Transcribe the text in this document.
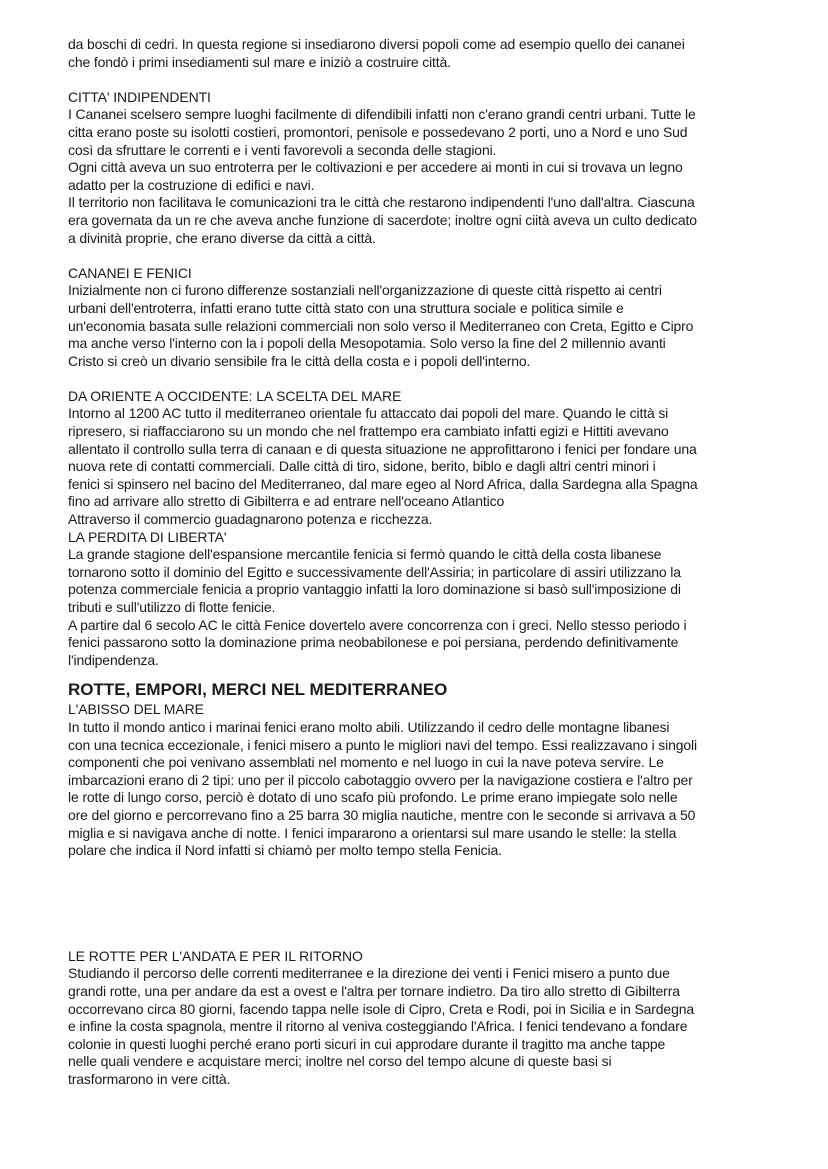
da boschi di cedri. In questa regione si insediarono diversi popoli come ad esempio quello dei cananei
che fondò i primi insediamenti sul mare e iniziò a costruire città.
CITTA' INDIPENDENTI
I Cananei scelsero sempre luoghi facilmente di difendibili infatti non c'erano grandi centri urbani. Tutte le
citta erano poste su isolotti costieri, promontori, penisole e possedevano 2 porti, uno a Nord e uno Sud
così da sfruttare le correnti e i venti favorevoli a seconda delle stagioni.
Ogni città aveva un suo entroterra per le coltivazioni e per accedere ai monti in cui si trovava un legno
adatto per la costruzione di edifici e navi.
Il territorio non facilitava le comunicazioni tra le città che restarono indipendenti l'uno dall'altra. Ciascuna
era governata da un re che aveva anche funzione di sacerdote; inoltre ogni ciità aveva un culto dedicato
a divinità proprie, che erano diverse da città a città.
CANANEI E FENICI
Inizialmente non ci furono differenze sostanziali nell'organizzazione di queste città rispetto ai centri
urbani dell'entroterra, infatti erano tutte città stato con una struttura sociale e politica simile e
un'economia basata sulle relazioni commerciali non solo verso il Mediterraneo con Creta, Egitto e Cipro
ma anche verso l'interno con la i popoli della Mesopotamia. Solo verso la fine del 2 millennio avanti
Cristo si creò un divario sensibile fra le città della costa e i popoli dell'interno.
DA ORIENTE A OCCIDENTE: LA SCELTA DEL MARE
Intorno al 1200 AC tutto il mediterraneo orientale fu attaccato dai popoli del mare. Quando le città si
ripresero, si riaffacciarono su un mondo che nel frattempo era cambiato infatti egizi e Hittiti avevano
allentato il controllo sulla terra di canaan e di questa situazione ne approfittarono i fenici per fondare una
nuova rete di contatti commerciali. Dalle città di tiro, sidone, berito, biblo e dagli altri centri minori i
fenici si spinsero nel bacino del Mediterraneo, dal mare egeo al Nord Africa, dalla Sardegna alla Spagna
fino ad arrivare allo stretto di Gibilterra e ad entrare nell'oceano Atlantico
Attraverso il commercio guadagnarono potenza e ricchezza.
LA PERDITA DI LIBERTA'
La grande stagione dell'espansione mercantile fenicia si fermò quando le città della costa libanese
tornarono sotto il dominio del Egitto e successivamente dell'Assiria; in particolare di assiri utilizzano la
potenza commerciale fenicia a proprio vantaggio infatti la loro dominazione si basò sull'imposizione di
tributi e sull'utilizzo di flotte fenicie.
A partire dal 6 secolo AC le città Fenice dovertelo avere concorrenza con i greci. Nello stesso periodo i
fenici passarono sotto la dominazione prima neobabilonese e poi persiana, perdendo definitivamente
l'indipendenza.
ROTTE, EMPORI, MERCI NEL MEDITERRANEO
L'ABISSO DEL MARE
In tutto il mondo antico i marinai fenici erano molto abili. Utilizzando il cedro delle montagne libanesi
con una tecnica eccezionale, i fenici misero a punto le migliori navi del tempo. Essi realizzavano i singoli
componenti che poi venivano assemblati nel momento e nel luogo in cui la nave poteva servire. Le
imbarcazioni erano di 2 tipi: uno per il piccolo cabotaggio ovvero per la navigazione costiera e l'altro per
le rotte di lungo corso, perciò è dotato di uno scafo più profondo. Le prime erano impiegate solo nelle
ore del giorno e percorrevano fino a 25 barra 30 miglia nautiche, mentre con le seconde si arrivava a 50
miglia e si navigava anche di notte. I fenici impararono a orientarsi sul mare usando le stelle: la stella
polare che indica il Nord infatti si chiamò per molto tempo stella Fenicia.
LE ROTTE PER L'ANDATA E PER IL RITORNO
Studiando il percorso delle correnti mediterranee e la direzione dei venti i Fenici misero a punto due
grandi rotte, una per andare da est a ovest e l'altra per tornare indietro. Da tiro allo stretto di Gibilterra
occorrevano circa 80 giorni, facendo tappa nelle isole di Cipro, Creta e Rodi, poi in Sicilia e in Sardegna
e infine la costa spagnola, mentre il ritorno al veniva costeggiando l'Africa. I fenici tendevano a fondare
colonie in questi luoghi perché erano porti sicuri in cui approdare durante il tragitto ma anche tappe
nelle quali vendere e acquistare merci; inoltre nel corso del tempo alcune di queste basi si
trasformarono in vere città.
